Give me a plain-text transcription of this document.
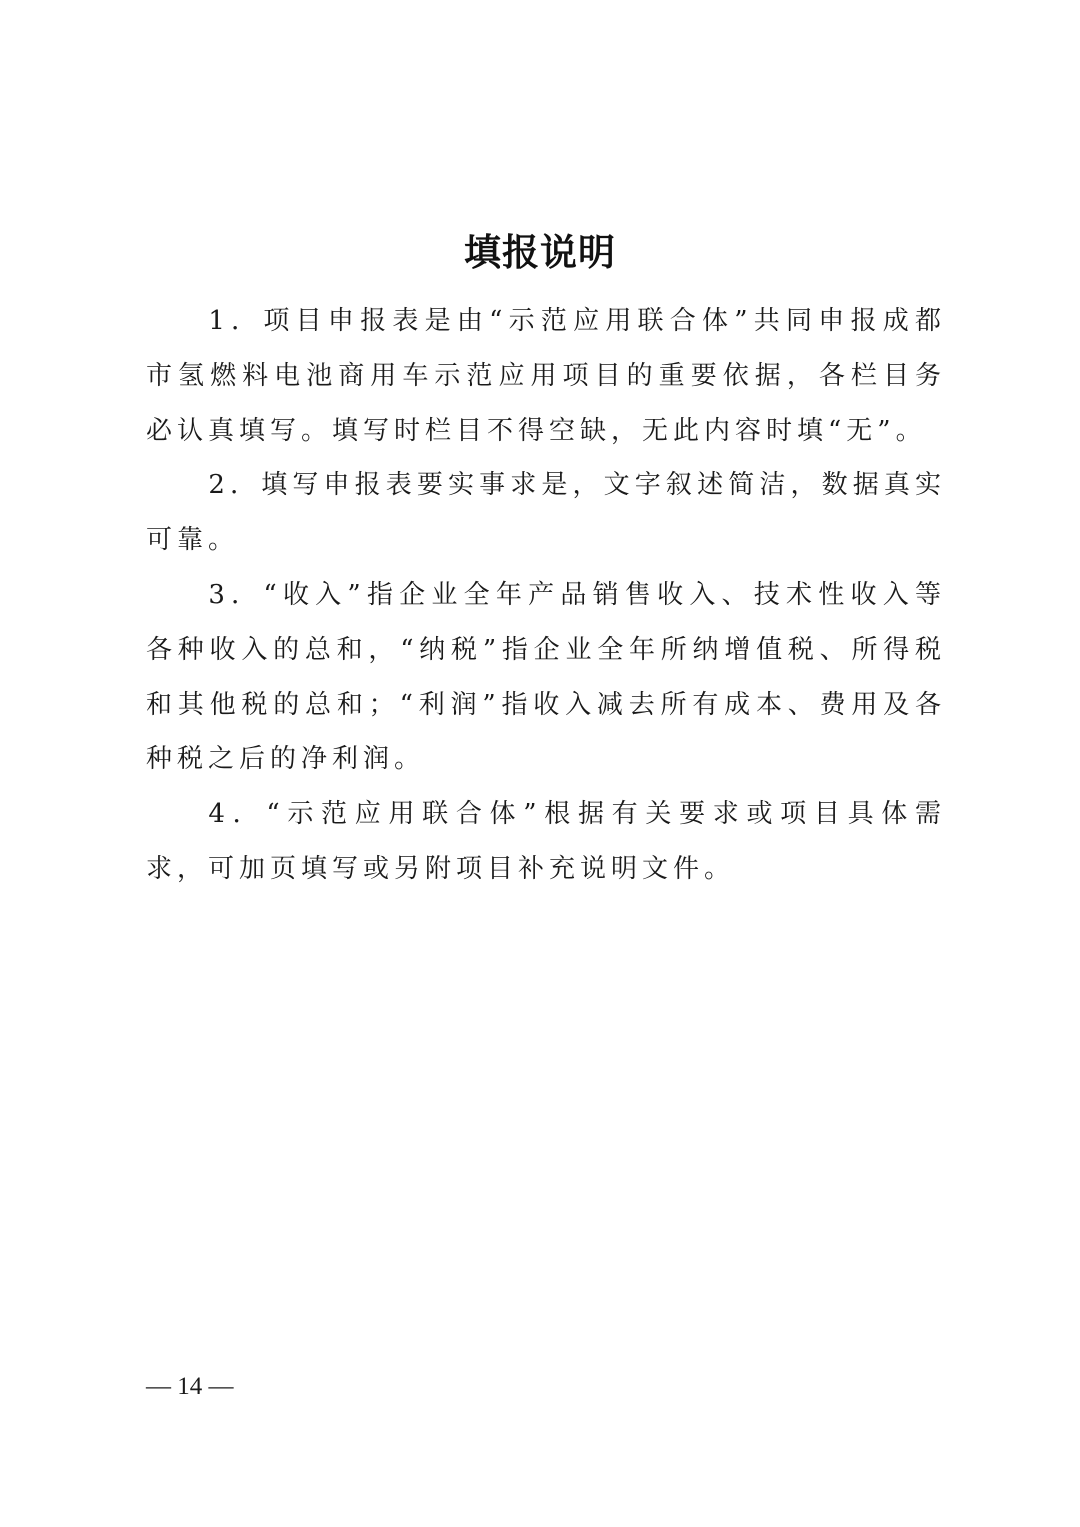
填报说明

1．项目申报表是由“示范应用联合体”共同申报成都市氢燃料电池商用车示范应用项目的重要依据，各栏目务必认真填写。填写时栏目不得空缺，无此内容时填“无”。

2．填写申报表要实事求是，文字叙述简洁，数据真实可靠。

3．“收入”指企业全年产品销售收入、技术性收入等各种收入的总和，“纳税”指企业全年所纳增值税、所得税和其他税的总和；“利润”指收入减去所有成本、费用及各种税之后的净利润。

4．“示范应用联合体”根据有关要求或项目具体需求，可加页填写或另附项目补充说明文件。

— 14 —
